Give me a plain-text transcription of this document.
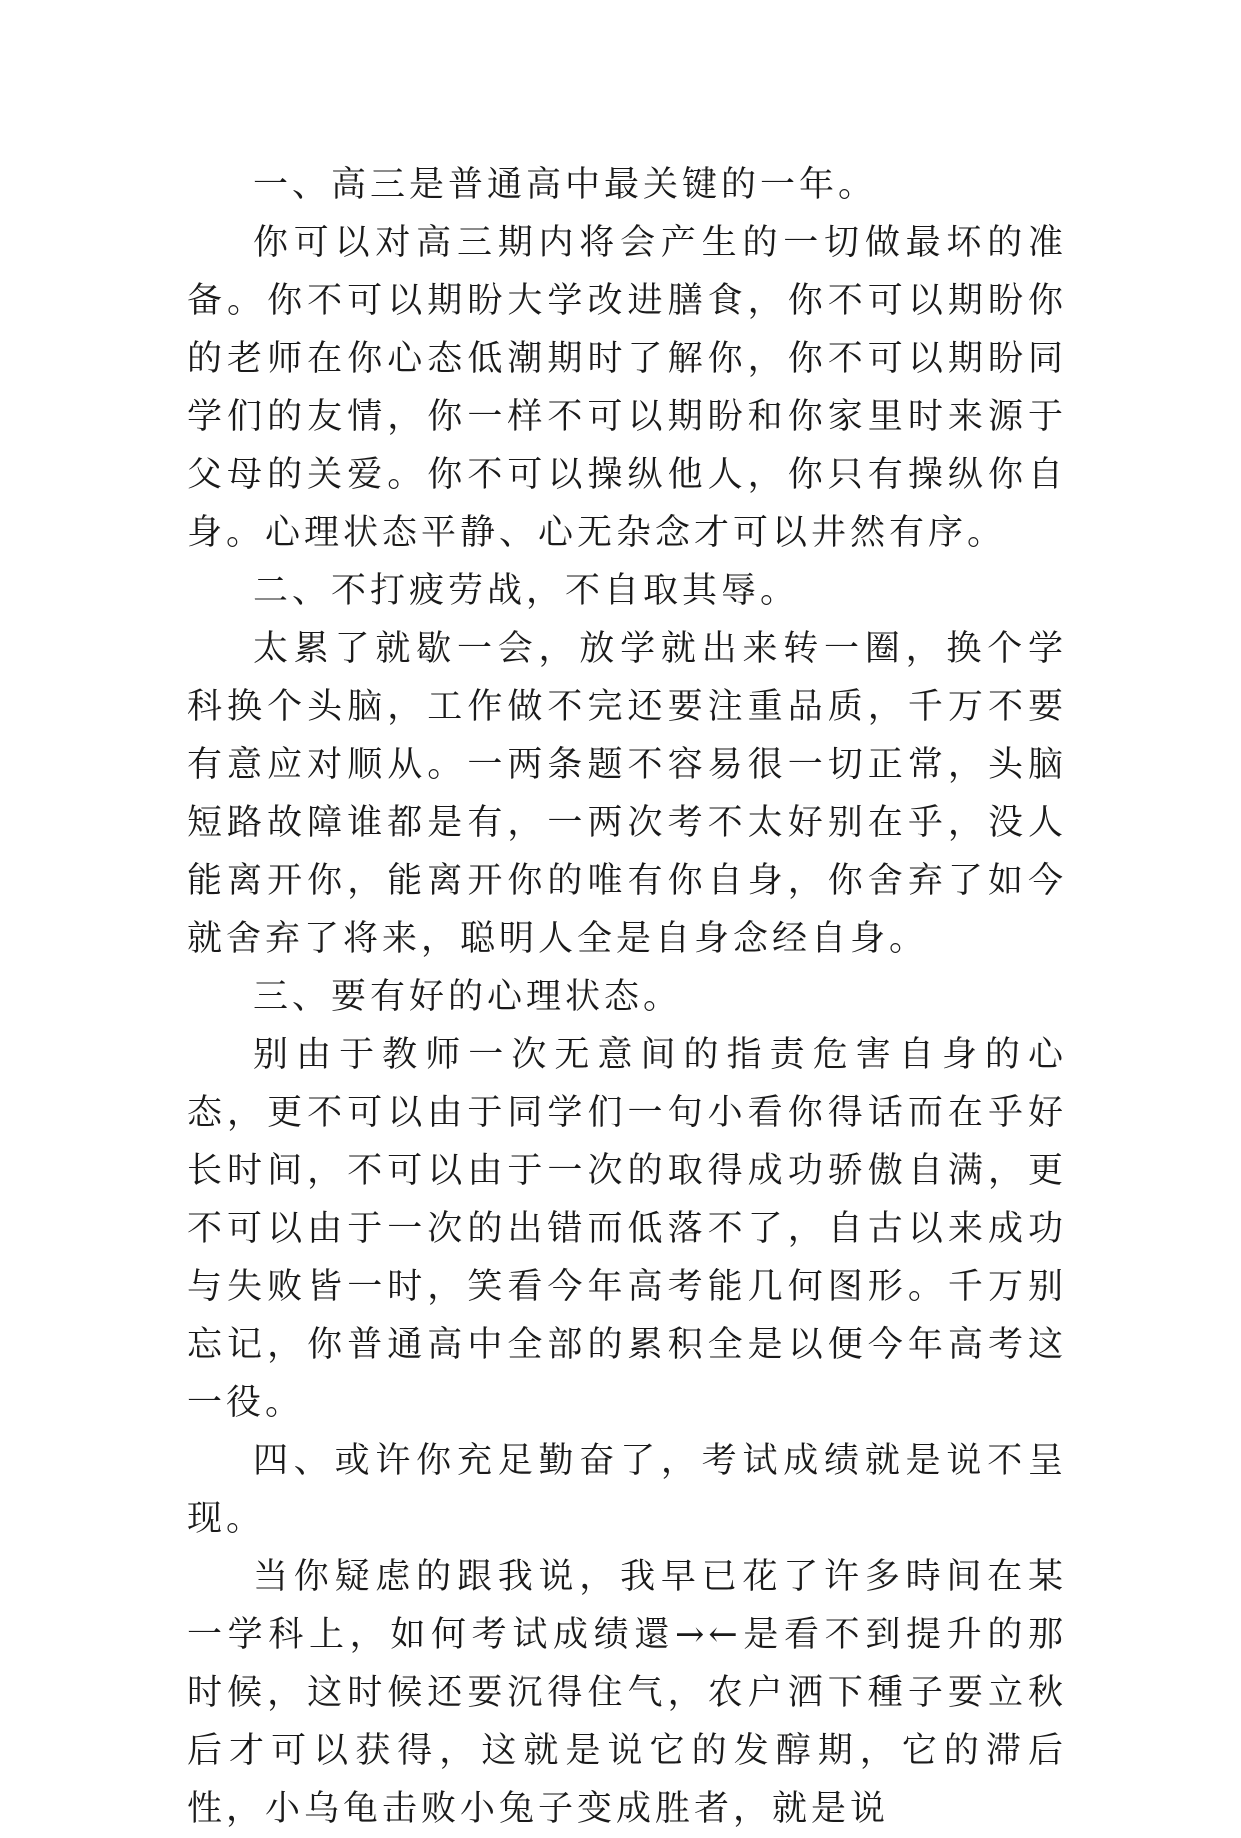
一、高三是普通高中最关键的一年。

你可以对高三期内将会产生的一切做最坏的准备。你不可以期盼大学改进膳食，你不可以期盼你的老师在你心态低潮期时了解你，你不可以期盼同学们的友情，你一样不可以期盼和你家里时来源于父母的关爱。你不可以操纵他人，你只有操纵你自身。心理状态平静、心无杂念才可以井然有序。

二、不打疲劳战，不自取其辱。

太累了就歇一会，放学就出来转一圈，换个学科换个头脑，工作做不完还要注重品质，千万不要有意应对顺从。一两条题不容易很一切正常，头脑短路故障谁都是有，一两次考不太好别在乎，没人能离开你，能离开你的唯有你自身，你舍弃了如今就舍弃了将来，聪明人全是自身念经自身。

三、要有好的心理状态。

别由于教师一次无意间的指责危害自身的心态，更不可以由于同学们一句小看你得话而在乎好长时间，不可以由于一次的取得成功骄傲自满，更不可以由于一次的出错而低落不了，自古以来成功与失败皆一时，笑看今年高考能几何图形。千万别忘记，你普通高中全部的累积全是以便今年高考这一役。

四、或许你充足勤奋了，考试成绩就是说不呈现。

当你疑虑的跟我说，我早已花了许多時间在某一学科上，如何考试成绩還→←是看不到提升的那时候，这时候还要沉得住气，农户洒下種子要立秋后才可以获得，这就是说它的发醇期，它的滞后性，小乌龟击败小兔子变成胜者，就是说
